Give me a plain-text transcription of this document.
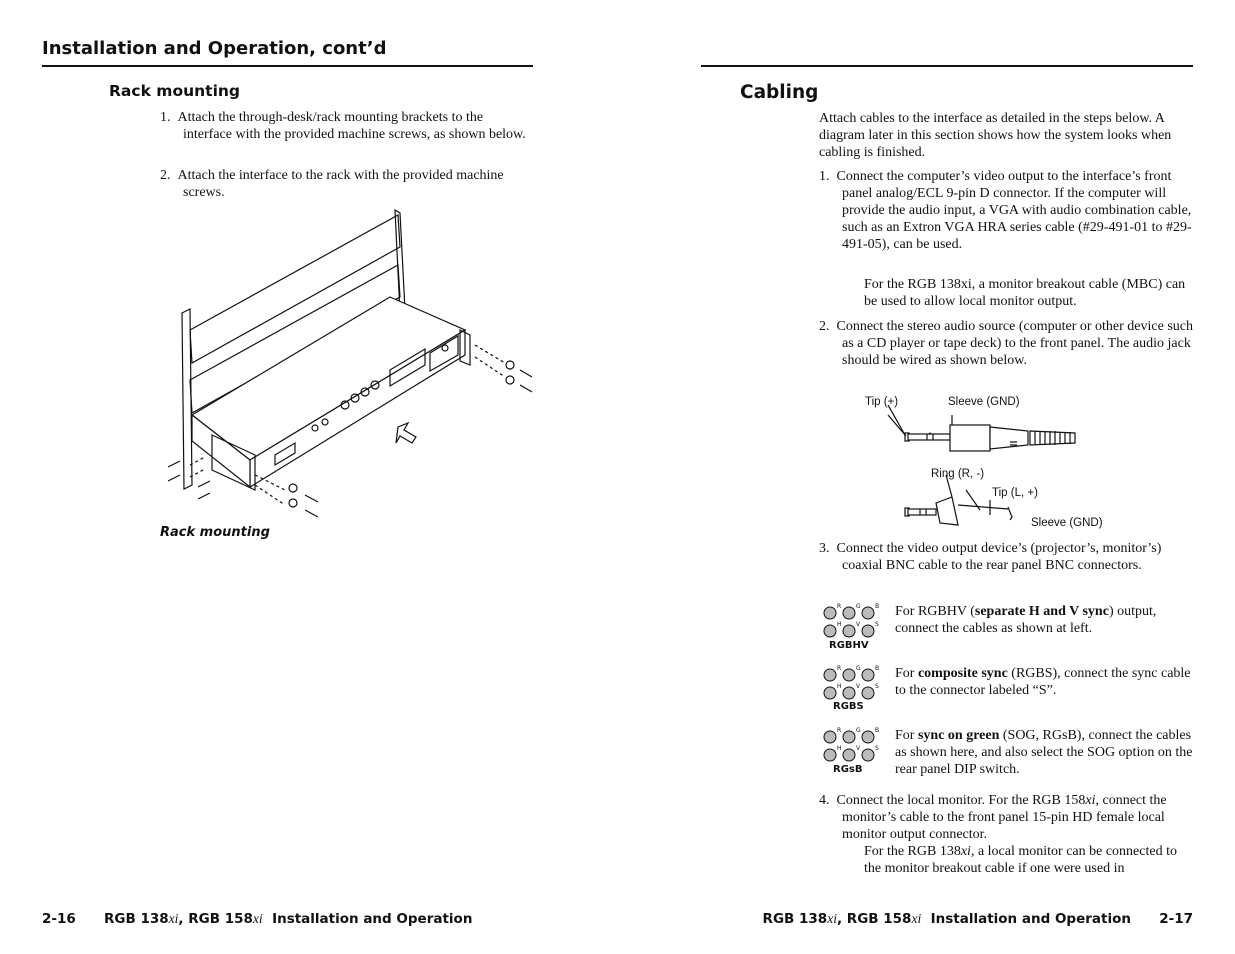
Installation and Operation, cont’d
Rack mounting
1. Attach the through-desk/rack mounting brackets to the interface with the provided machine screws, as shown below.
2. Attach the interface to the rack with the provided machine screws.
Rack mounting
2-16 RGB 138xi, RGB 158xi Installation and Operation
Cabling
Attach cables to the interface as detailed in the steps below. A diagram later in this section shows how the system looks when cabling is finished.
1. Connect the computer’s video output to the interface’s front panel analog/ECL 9-pin D connector. If the computer will provide the audio input, a VGA with audio combination cable, such as an Extron VGA HRA series cable (#29-491-01 to #29-491-05), can be used.
For the RGB 138xi, a monitor breakout cable (MBC) can be used to allow local monitor output.
2. Connect the stereo audio source (computer or other device such as a CD player or tape deck) to the front panel. The audio jack should be wired as shown below.
Tip (+)	Sleeve (GND)
Ring (R, -)
Tip (L, +)
Sleeve (GND)
3. Connect the video output device’s (projector’s, monitor’s) coaxial BNC cable to the rear panel BNC connectors.
R G B
H V S
RGBHV
For RGBHV (separate H and V sync) output, connect the cables as shown at left.
R G B
H V S
RGBS
For composite sync (RGBS), connect the sync cable to the connector labeled “S”.
R G B
H V S
RGsB
For sync on green (SOG, RGsB), connect the cables as shown here, and also select the SOG option on the rear panel DIP switch.
4. Connect the local monitor. For the RGB 158xi, connect the monitor’s cable to the front panel 15-pin HD female local monitor output connector.
For the RGB 138xi, a local monitor can be connected to the monitor breakout cable if one were used in
RGB 138xi, RGB 158xi Installation and Operation 2-17
